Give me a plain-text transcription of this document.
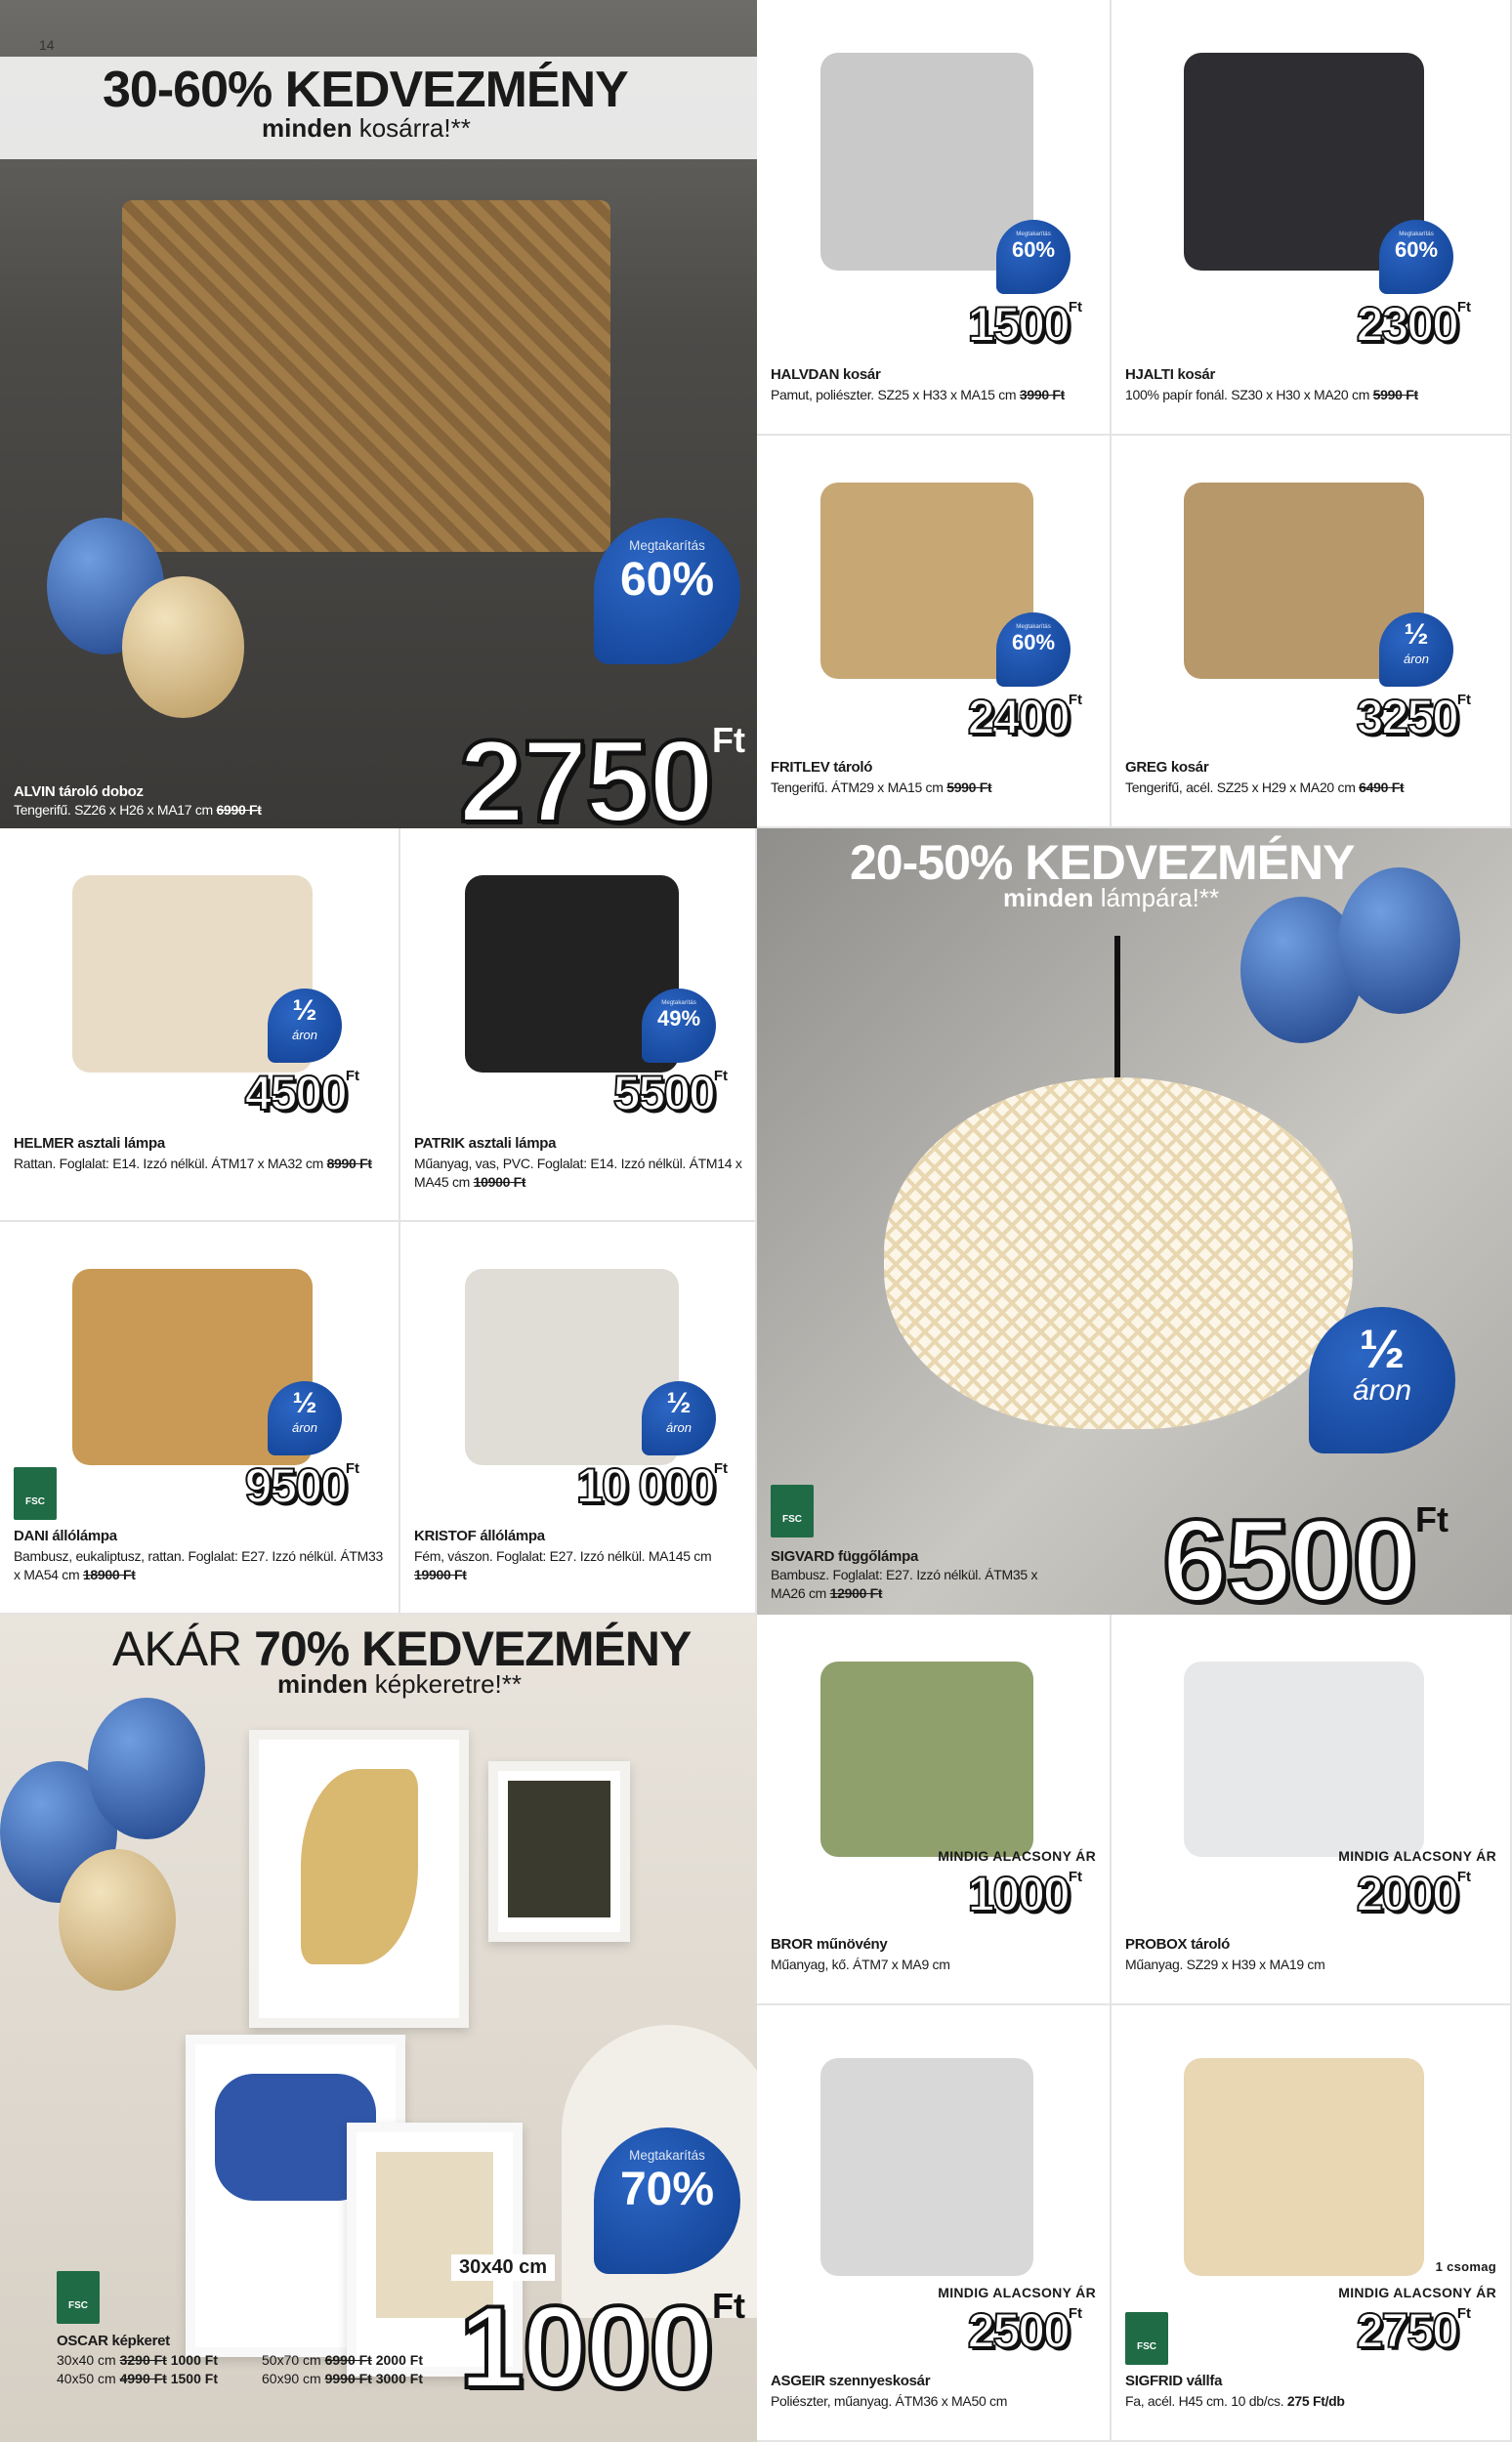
14
30-60% KEDVEZMÉNY
minden kosárra!**
Megtakarítás
60%
$2750^{Ft}$
ALVIN tároló doboz
Tengerifű. SZ26 x H26 x MA17 cm 6990 Ft
20-50% KEDVEZMÉNY
minden lámpára!**
½
áron
$6500^{Ft}$
FSC
SIGVARD függőlámpa
Bambusz. Foglalat: E27. Izzó nélkül. ÁTM35 x MA26 cm 12900 Ft
AKÁR 70% KEDVEZMÉNY
minden képkeretre!**
Megtakarítás
70%
30x40 cm
$1000^{Ft}$
FSC
OSCAR képkeret
30x40 cm 3290 Ft 1000 Ft	50x70 cm 6990 Ft 2000 Ft
40x50 cm 4990 Ft 1500 Ft	60x90 cm 9990 Ft 3000 Ft
$1500^{Ft}$
Megtakarítás
60%
HALVDAN kosár
Pamut, poliészter. SZ25 x H33 x MA15 cm 3990 Ft
$2300^{Ft}$
Megtakarítás
60%
HJALTI kosár
100% papír fonál. SZ30 x H30 x MA20 cm 5990 Ft
$2400^{Ft}$
Megtakarítás
60%
FRITLEV tároló
Tengerifű. ÁTM29 x MA15 cm 5990 Ft
$3250^{Ft}$
½
áron
GREG kosár
Tengerifű, acél. SZ25 x H29 x MA20 cm 6490 Ft
$4500^{Ft}$
½
áron
HELMER asztali lámpa
Rattan. Foglalat: E14. Izzó nélkül. ÁTM17 x MA32 cm 8990 Ft
$5500^{Ft}$
Megtakarítás
49%
PATRIK asztali lámpa
Műanyag, vas, PVC. Foglalat: E14. Izzó nélkül. ÁTM14 x MA45 cm 10900 Ft
$9500^{Ft}$
½
áron
FSC
DANI állólámpa
Bambusz, eukaliptusz, rattan. Foglalat: E27. Izzó nélkül. ÁTM33 x MA54 cm 18900 Ft
10 $000^{Ft}$
½
áron
KRISTOF állólámpa
Fém, vászon. Foglalat: E27. Izzó nélkül. MA145 cm 19900 Ft
$1000^{Ft}$
MINDIG ALACSONY ÁR
BROR műnövény
Műanyag, kő. ÁTM7 x MA9 cm
$2000^{Ft}$
MINDIG ALACSONY ÁR
PROBOX tároló
Műanyag. SZ29 x H39 x MA19 cm
$2500^{Ft}$
MINDIG ALACSONY ÁR
ASGEIR szennyeskosár
Poliészter, műanyag. ÁTM36 x MA50 cm
$2750^{Ft}$
MINDIG ALACSONY ÁR
1 csomag
FSC
SIGFRID vállfa
Fa, acél. H45 cm. 10 db/cs. 275 Ft/db
